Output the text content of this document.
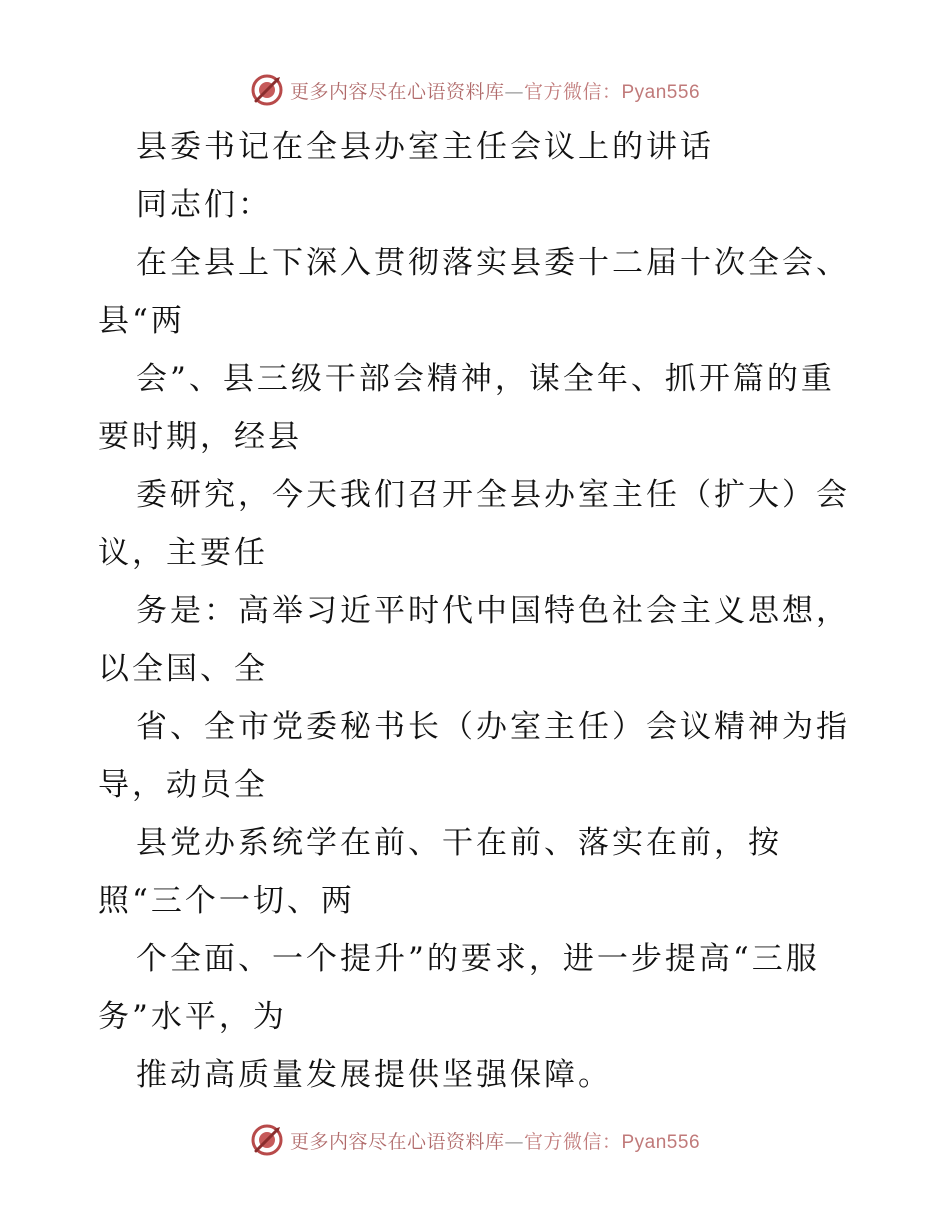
更多内容尽在心语资料库—官方微信：Pyan556
县委书记在全县办室主任会议上的讲话
同志们：
在全县上下深入贯彻落实县委十二届十次全会、
县“两
会”、县三级干部会精神，谋全年、抓开篇的重
要时期，经县
委研究，今天我们召开全县办室主任（扩大）会
议，主要任
务是：高举习近平时代中国特色社会主义思想，
以全国、全
省、全市党委秘书长（办室主任）会议精神为指
导，动员全
县党办系统学在前、干在前、落实在前，按
照“三个一切、两
个全面、一个提升”的要求，进一步提高“三服
务”水平，为
推动高质量发展提供坚强保障。
更多内容尽在心语资料库—官方微信：Pyan556
